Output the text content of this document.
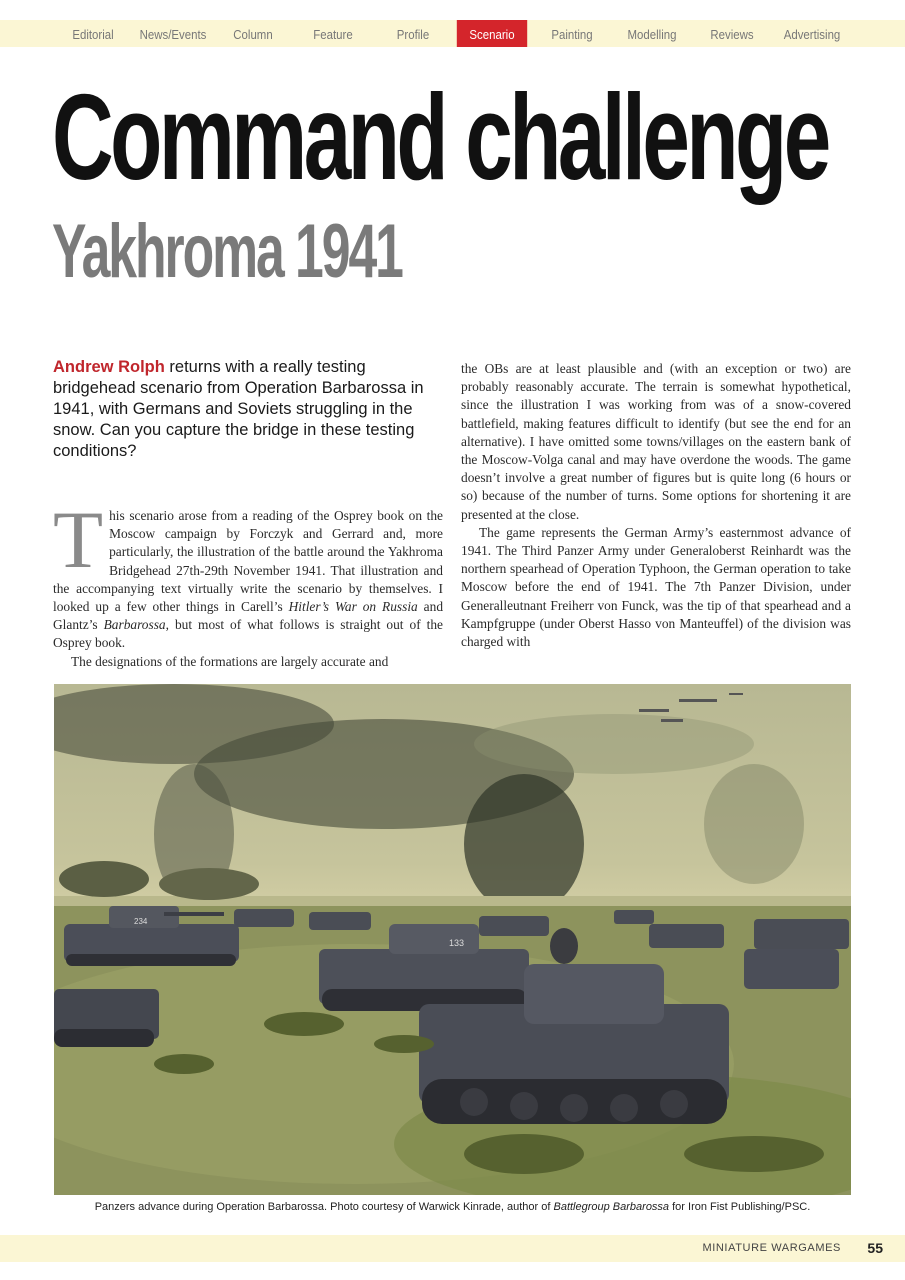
Editorial	News/Events	Column	Feature	Profile	Scenario	Painting	Modelling	Reviews	Advertising
Command challenge
Yakhroma 1941

Andrew Rolph returns with a really testing bridgehead scenario from Operation Barbarossa in 1941, with Germans and Soviets struggling in the snow. Can you capture the bridge in these testing conditions?

This scenario arose from a reading of the Osprey book on the Moscow campaign by Forczyk and Gerrard and, more particularly, the illustration of the battle around the Yakhroma Bridgehead 27th-29th November 1941. That illustration and the accompanying text virtually write the scenario by themselves. I looked up a few other things in Carell’s Hitler’s War on Russia and Glantz’s Barbarossa, but most of what follows is straight out of the Osprey book.

The designations of the formations are largely accurate and

the OBs are at least plausible and (with an exception or two) are probably reasonably accurate. The terrain is somewhat hypothetical, since the illustration I was working from was of a snow-covered battlefield, making features difficult to identify (but see the end for an alternative). I have omitted some towns/villages on the eastern bank of the Moscow-Volga canal and may have overdone the woods. The game doesn’t involve a great number of figures but is quite long (6 hours or so) because of the number of turns. Some options for shortening it are presented at the close.

The game represents the German Army’s easternmost advance of 1941. The Third Panzer Army under Generaloberst Reinhardt was the northern spearhead of Operation Typhoon, the German operation to take Moscow before the end of 1941. The 7th Panzer Division, under Generalleutnant Freiherr von Funck, was the tip of that spearhead and a Kampfgruppe (under Oberst Hasso von Manteuffel) of the division was charged with

234
133

Panzers advance during Operation Barbarossa. Photo courtesy of Warwick Kinrade, author of Battlegroup Barbarossa for Iron Fist Publishing/PSC.

MINIATURE WARGAMES 55
